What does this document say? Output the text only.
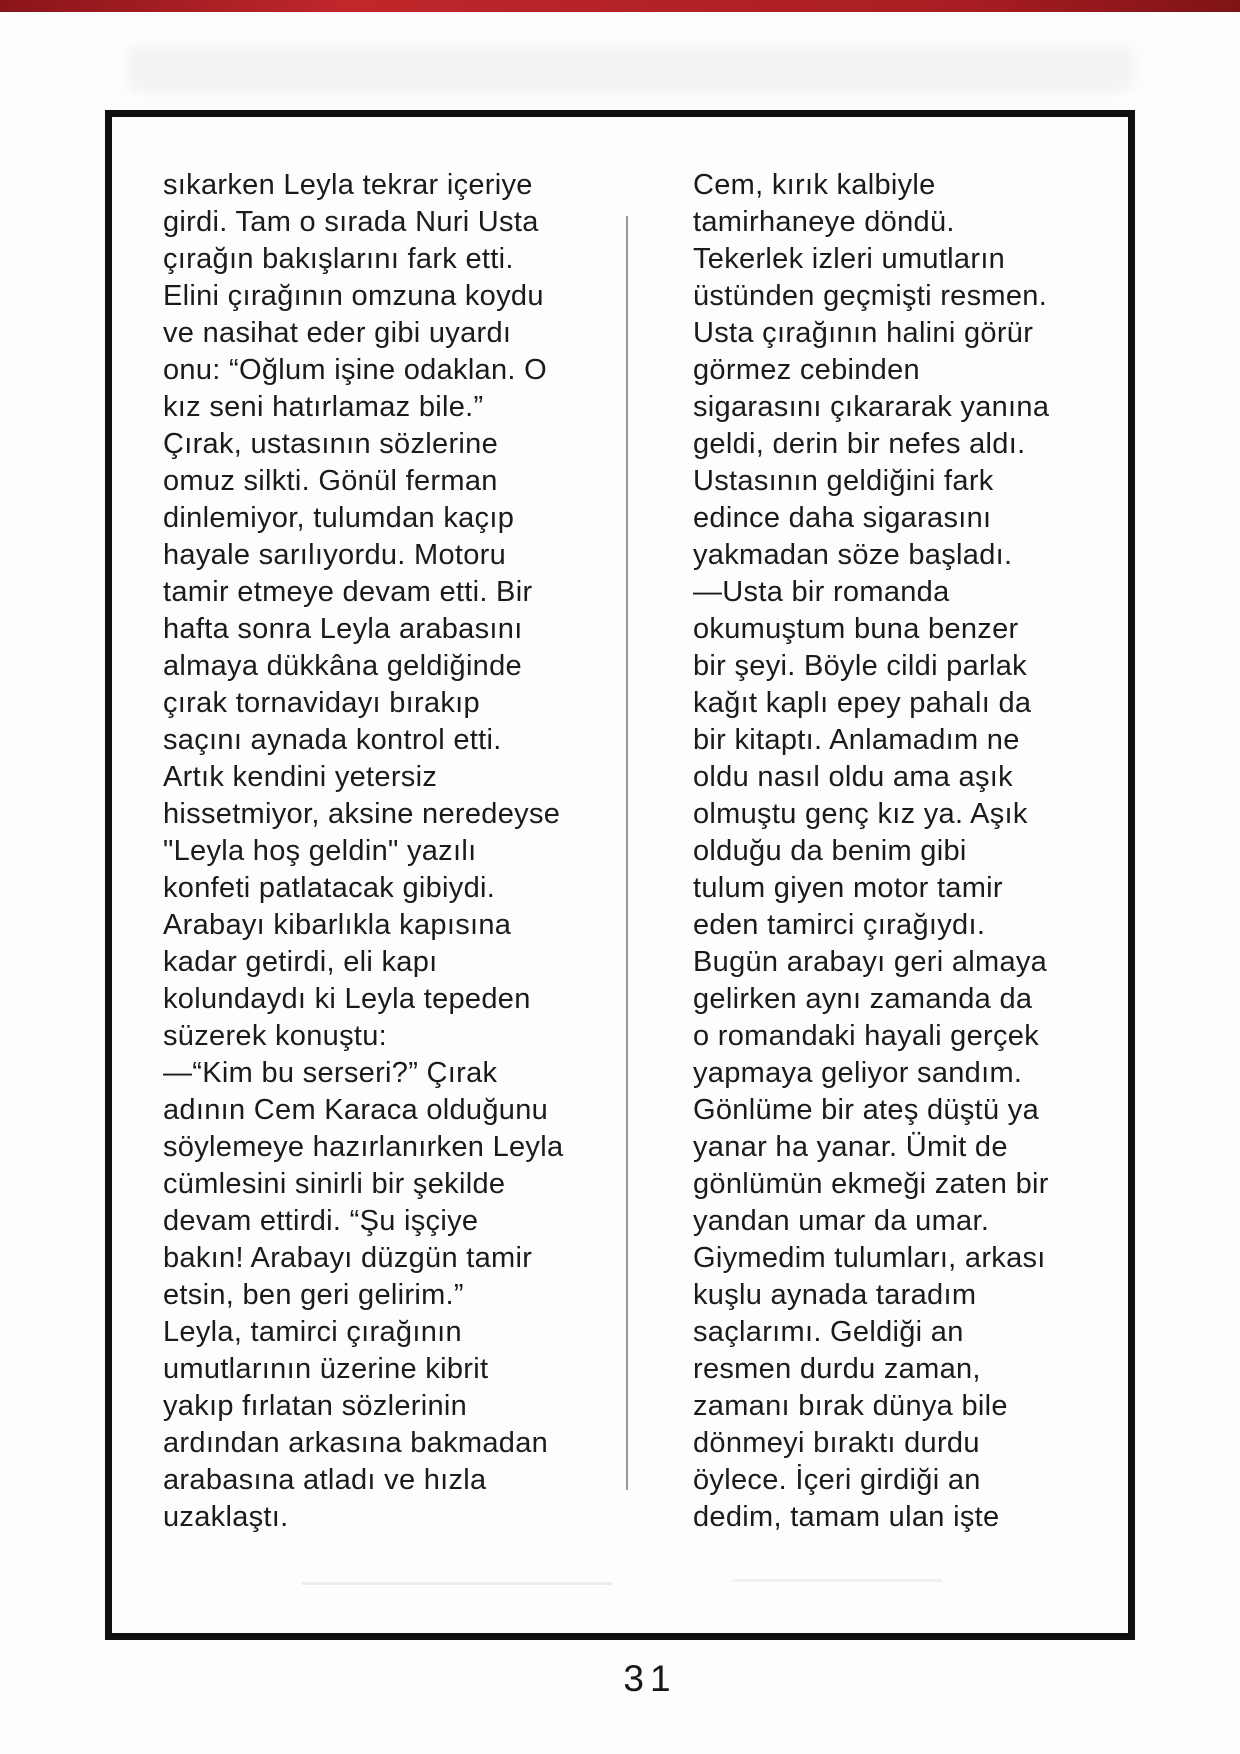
sıkarken Leyla tekrar içeriye
girdi. Tam o sırada Nuri Usta
çırağın bakışlarını fark etti.
Elini çırağının omzuna koydu
ve nasihat eder gibi uyardı
onu: “Oğlum işine odaklan. O
kız seni hatırlamaz bile.”
Çırak, ustasının sözlerine
omuz silkti. Gönül ferman
dinlemiyor, tulumdan kaçıp
hayale sarılıyordu. Motoru
tamir etmeye devam etti. Bir
hafta sonra Leyla arabasını
almaya dükkâna geldiğinde
çırak tornavidayı bırakıp
saçını aynada kontrol etti.
Artık kendini yetersiz
hissetmiyor, aksine neredeyse
"Leyla hoş geldin" yazılı
konfeti patlatacak gibiydi.
Arabayı kibarlıkla kapısına
kadar getirdi, eli kapı
kolundaydı ki Leyla tepeden
süzerek konuştu:
—“Kim bu serseri?” Çırak
adının Cem Karaca olduğunu
söylemeye hazırlanırken Leyla
cümlesini sinirli bir şekilde
devam ettirdi. “Şu işçiye
bakın! Arabayı düzgün tamir
etsin, ben geri gelirim.”
Leyla, tamirci çırağının
umutlarının üzerine kibrit
yakıp fırlatan sözlerinin
ardından arkasına bakmadan
arabasına atladı ve hızla
uzaklaştı.
Cem, kırık kalbiyle
tamirhaneye döndü.
Tekerlek izleri umutların
üstünden geçmişti resmen.
Usta çırağının halini görür
görmez cebinden
sigarasını çıkararak yanına
geldi, derin bir nefes aldı.
Ustasının geldiğini fark
edince daha sigarasını
yakmadan söze başladı.
—Usta bir romanda
okumuştum buna benzer
bir şeyi. Böyle cildi parlak
kağıt kaplı epey pahalı da
bir kitaptı. Anlamadım ne
oldu nasıl oldu ama aşık
olmuştu genç kız ya. Aşık
olduğu da benim gibi
tulum giyen motor tamir
eden tamirci çırağıydı.
Bugün arabayı geri almaya
gelirken aynı zamanda da
o romandaki hayali gerçek
yapmaya geliyor sandım.
Gönlüme bir ateş düştü ya
yanar ha yanar. Ümit de
gönlümün ekmeği zaten bir
yandan umar da umar.
Giymedim tulumları, arkası
kuşlu aynada taradım
saçlarımı. Geldiği an
resmen durdu zaman,
zamanı bırak dünya bile
dönmeyi bıraktı durdu
öylece. İçeri girdiği an
dedim, tamam ulan işte
31
